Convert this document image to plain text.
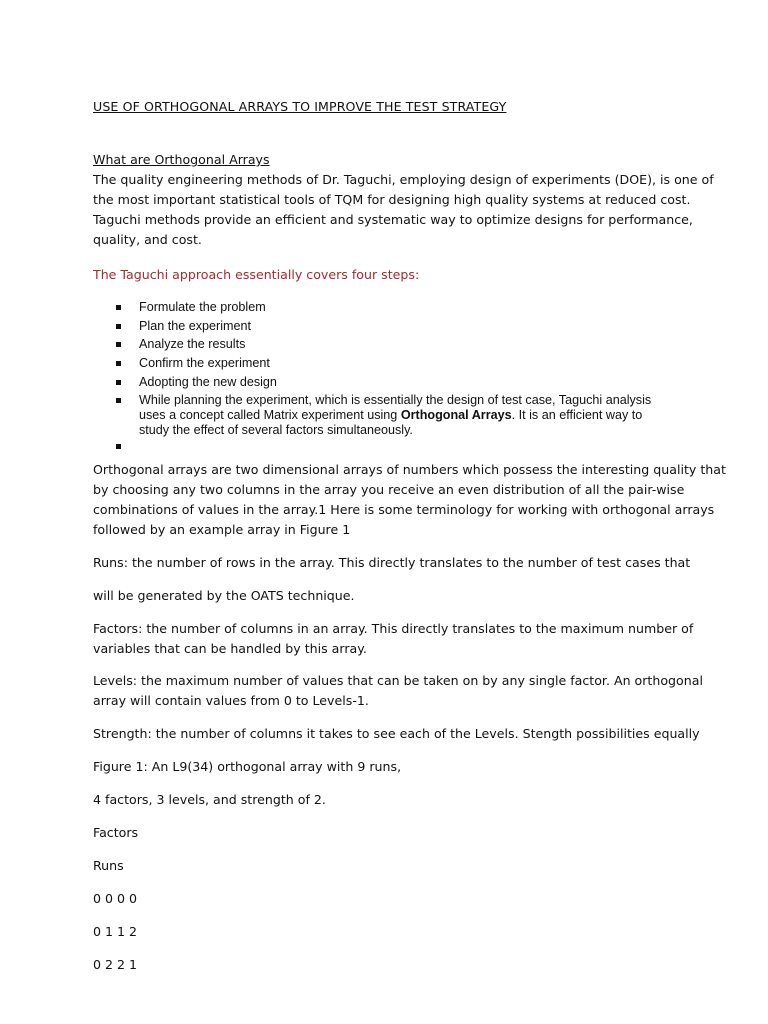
USE OF ORTHOGONAL ARRAYS TO IMPROVE THE TEST STRATEGY

What are Orthogonal Arrays

The quality engineering methods of Dr. Taguchi, employing design of experiments (DOE), is one of
the most important statistical tools of TQM for designing high quality systems at reduced cost.
Taguchi methods provide an efficient and systematic way to optimize designs for performance,
quality, and cost.

The Taguchi approach essentially covers four steps:

Formulate the problem
Plan the experiment
Analyze the results
Confirm the experiment
Adopting the new design
While planning the experiment, which is essentially the design of test case, Taguchi analysis
uses a concept called Matrix experiment using Orthogonal Arrays. It is an efficient way to
study the effect of several factors simultaneously.
Orthogonal arrays are two dimensional arrays of numbers which possess the interesting quality that
by choosing any two columns in the array you receive an even distribution of all the pair-wise
combinations of values in the array.1 Here is some terminology for working with orthogonal arrays
followed by an example array in Figure 1

Runs: the number of rows in the array. This directly translates to the number of test cases that

will be generated by the OATS technique.

Factors: the number of columns in an array. This directly translates to the maximum number of
variables that can be handled by this array.
Levels: the maximum number of values that can be taken on by any single factor. An orthogonal
array will contain values from 0 to Levels-1.

Strength: the number of columns it takes to see each of the Levels. Stength possibilities equally

Figure 1: An L9(34) orthogonal array with 9 runs,

4 factors, 3 levels, and strength of 2.

Factors

Runs

0 0 0 0

0 1 1 2

0 2 2 1
